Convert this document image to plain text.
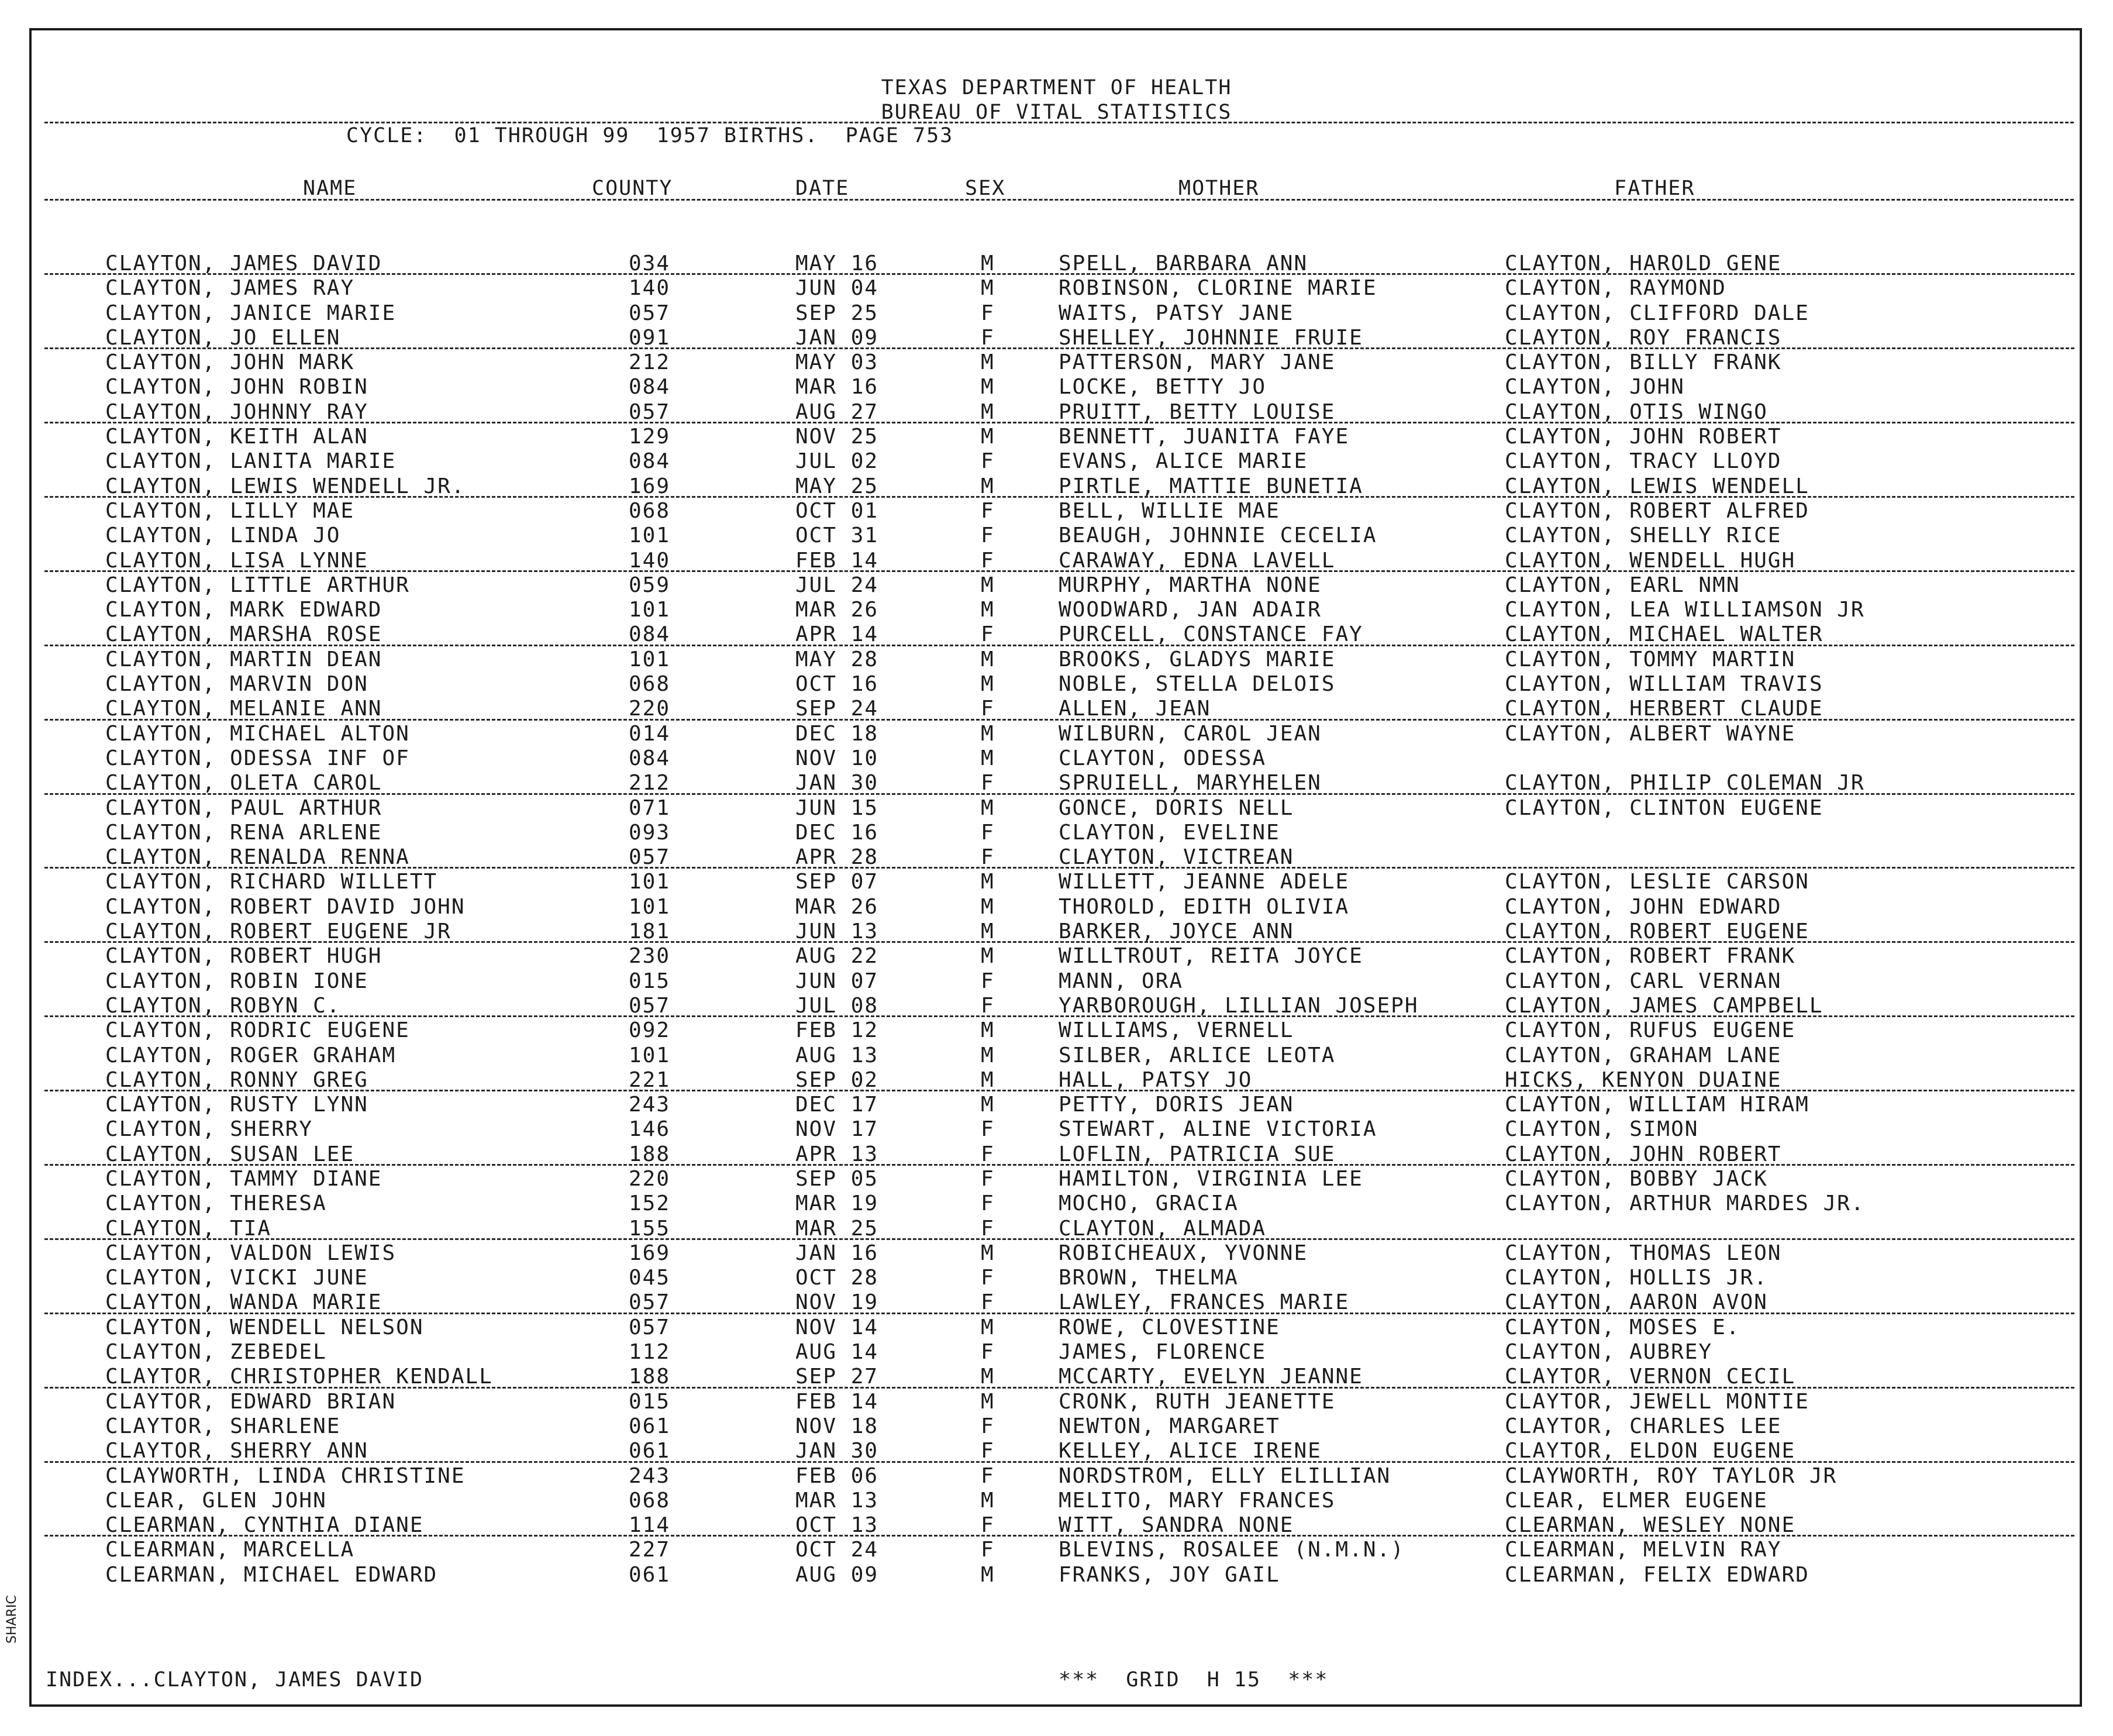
TEXAS DEPARTMENT OF HEALTH
BUREAU OF VITAL STATISTICS
CYCLE:  01 THROUGH 99  1957 BIRTHS.  PAGE 753
NAME	COUNTY	DATE	SEX	MOTHER	FATHER
CLAYTON, JAMES DAVID	034	MAY 16	M	SPELL, BARBARA ANN	CLAYTON, HAROLD GENE
CLAYTON, JAMES RAY	140	JUN 04	M	ROBINSON, CLORINE MARIE	CLAYTON, RAYMOND
CLAYTON, JANICE MARIE	057	SEP 25	F	WAITS, PATSY JANE	CLAYTON, CLIFFORD DALE
CLAYTON, JO ELLEN	091	JAN 09	F	SHELLEY, JOHNNIE FRUIE	CLAYTON, ROY FRANCIS
CLAYTON, JOHN MARK	212	MAY 03	M	PATTERSON, MARY JANE	CLAYTON, BILLY FRANK
CLAYTON, JOHN ROBIN	084	MAR 16	M	LOCKE, BETTY JO	CLAYTON, JOHN
CLAYTON, JOHNNY RAY	057	AUG 27	M	PRUITT, BETTY LOUISE	CLAYTON, OTIS WINGO
CLAYTON, KEITH ALAN	129	NOV 25	M	BENNETT, JUANITA FAYE	CLAYTON, JOHN ROBERT
CLAYTON, LANITA MARIE	084	JUL 02	F	EVANS, ALICE MARIE	CLAYTON, TRACY LLOYD
CLAYTON, LEWIS WENDELL JR.	169	MAY 25	M	PIRTLE, MATTIE BUNETIA	CLAYTON, LEWIS WENDELL
CLAYTON, LILLY MAE	068	OCT 01	F	BELL, WILLIE MAE	CLAYTON, ROBERT ALFRED
CLAYTON, LINDA JO	101	OCT 31	F	BEAUGH, JOHNNIE CECELIA	CLAYTON, SHELLY RICE
CLAYTON, LISA LYNNE	140	FEB 14	F	CARAWAY, EDNA LAVELL	CLAYTON, WENDELL HUGH
CLAYTON, LITTLE ARTHUR	059	JUL 24	M	MURPHY, MARTHA NONE	CLAYTON, EARL NMN
CLAYTON, MARK EDWARD	101	MAR 26	M	WOODWARD, JAN ADAIR	CLAYTON, LEA WILLIAMSON JR
CLAYTON, MARSHA ROSE	084	APR 14	F	PURCELL, CONSTANCE FAY	CLAYTON, MICHAEL WALTER
CLAYTON, MARTIN DEAN	101	MAY 28	M	BROOKS, GLADYS MARIE	CLAYTON, TOMMY MARTIN
CLAYTON, MARVIN DON	068	OCT 16	M	NOBLE, STELLA DELOIS	CLAYTON, WILLIAM TRAVIS
CLAYTON, MELANIE ANN	220	SEP 24	F	ALLEN, JEAN	CLAYTON, HERBERT CLAUDE
CLAYTON, MICHAEL ALTON	014	DEC 18	M	WILBURN, CAROL JEAN	CLAYTON, ALBERT WAYNE
CLAYTON, ODESSA INF OF	084	NOV 10	M	CLAYTON, ODESSA
CLAYTON, OLETA CAROL	212	JAN 30	F	SPRUIELL, MARYHELEN	CLAYTON, PHILIP COLEMAN JR
CLAYTON, PAUL ARTHUR	071	JUN 15	M	GONCE, DORIS NELL	CLAYTON, CLINTON EUGENE
CLAYTON, RENA ARLENE	093	DEC 16	F	CLAYTON, EVELINE
CLAYTON, RENALDA RENNA	057	APR 28	F	CLAYTON, VICTREAN
CLAYTON, RICHARD WILLETT	101	SEP 07	M	WILLETT, JEANNE ADELE	CLAYTON, LESLIE CARSON
CLAYTON, ROBERT DAVID JOHN	101	MAR 26	M	THOROLD, EDITH OLIVIA	CLAYTON, JOHN EDWARD
CLAYTON, ROBERT EUGENE JR	181	JUN 13	M	BARKER, JOYCE ANN	CLAYTON, ROBERT EUGENE
CLAYTON, ROBERT HUGH	230	AUG 22	M	WILLTROUT, REITA JOYCE	CLAYTON, ROBERT FRANK
CLAYTON, ROBIN IONE	015	JUN 07	F	MANN, ORA	CLAYTON, CARL VERNAN
CLAYTON, ROBYN C.	057	JUL 08	F	YARBOROUGH, LILLIAN JOSEPH	CLAYTON, JAMES CAMPBELL
CLAYTON, RODRIC EUGENE	092	FEB 12	M	WILLIAMS, VERNELL	CLAYTON, RUFUS EUGENE
CLAYTON, ROGER GRAHAM	101	AUG 13	M	SILBER, ARLICE LEOTA	CLAYTON, GRAHAM LANE
CLAYTON, RONNY GREG	221	SEP 02	M	HALL, PATSY JO	HICKS, KENYON DUAINE
CLAYTON, RUSTY LYNN	243	DEC 17	M	PETTY, DORIS JEAN	CLAYTON, WILLIAM HIRAM
CLAYTON, SHERRY	146	NOV 17	F	STEWART, ALINE VICTORIA	CLAYTON, SIMON
CLAYTON, SUSAN LEE	188	APR 13	F	LOFLIN, PATRICIA SUE	CLAYTON, JOHN ROBERT
CLAYTON, TAMMY DIANE	220	SEP 05	F	HAMILTON, VIRGINIA LEE	CLAYTON, BOBBY JACK
CLAYTON, THERESA	152	MAR 19	F	MOCHO, GRACIA	CLAYTON, ARTHUR MARDES JR.
CLAYTON, TIA	155	MAR 25	F	CLAYTON, ALMADA
CLAYTON, VALDON LEWIS	169	JAN 16	M	ROBICHEAUX, YVONNE	CLAYTON, THOMAS LEON
CLAYTON, VICKI JUNE	045	OCT 28	F	BROWN, THELMA	CLAYTON, HOLLIS JR.
CLAYTON, WANDA MARIE	057	NOV 19	F	LAWLEY, FRANCES MARIE	CLAYTON, AARON AVON
CLAYTON, WENDELL NELSON	057	NOV 14	M	ROWE, CLOVESTINE	CLAYTON, MOSES E.
CLAYTON, ZEBEDEL	112	AUG 14	F	JAMES, FLORENCE	CLAYTON, AUBREY
CLAYTOR, CHRISTOPHER KENDALL	188	SEP 27	M	MCCARTY, EVELYN JEANNE	CLAYTOR, VERNON CECIL
CLAYTOR, EDWARD BRIAN	015	FEB 14	M	CRONK, RUTH JEANETTE	CLAYTOR, JEWELL MONTIE
CLAYTOR, SHARLENE	061	NOV 18	F	NEWTON, MARGARET	CLAYTOR, CHARLES LEE
CLAYTOR, SHERRY ANN	061	JAN 30	F	KELLEY, ALICE IRENE	CLAYTOR, ELDON EUGENE
CLAYWORTH, LINDA CHRISTINE	243	FEB 06	F	NORDSTROM, ELLY ELILLIAN	CLAYWORTH, ROY TAYLOR JR
CLEAR, GLEN JOHN	068	MAR 13	M	MELITO, MARY FRANCES	CLEAR, ELMER EUGENE
CLEARMAN, CYNTHIA DIANE	114	OCT 13	F	WITT, SANDRA NONE	CLEARMAN, WESLEY NONE
CLEARMAN, MARCELLA	227	OCT 24	F	BLEVINS, ROSALEE (N.M.N.)	CLEARMAN, MELVIN RAY
CLEARMAN, MICHAEL EDWARD	061	AUG 09	M	FRANKS, JOY GAIL	CLEARMAN, FELIX EDWARD
INDEX...CLAYTON, JAMES DAVID	***  GRID  H 15  ***
SHARIC
